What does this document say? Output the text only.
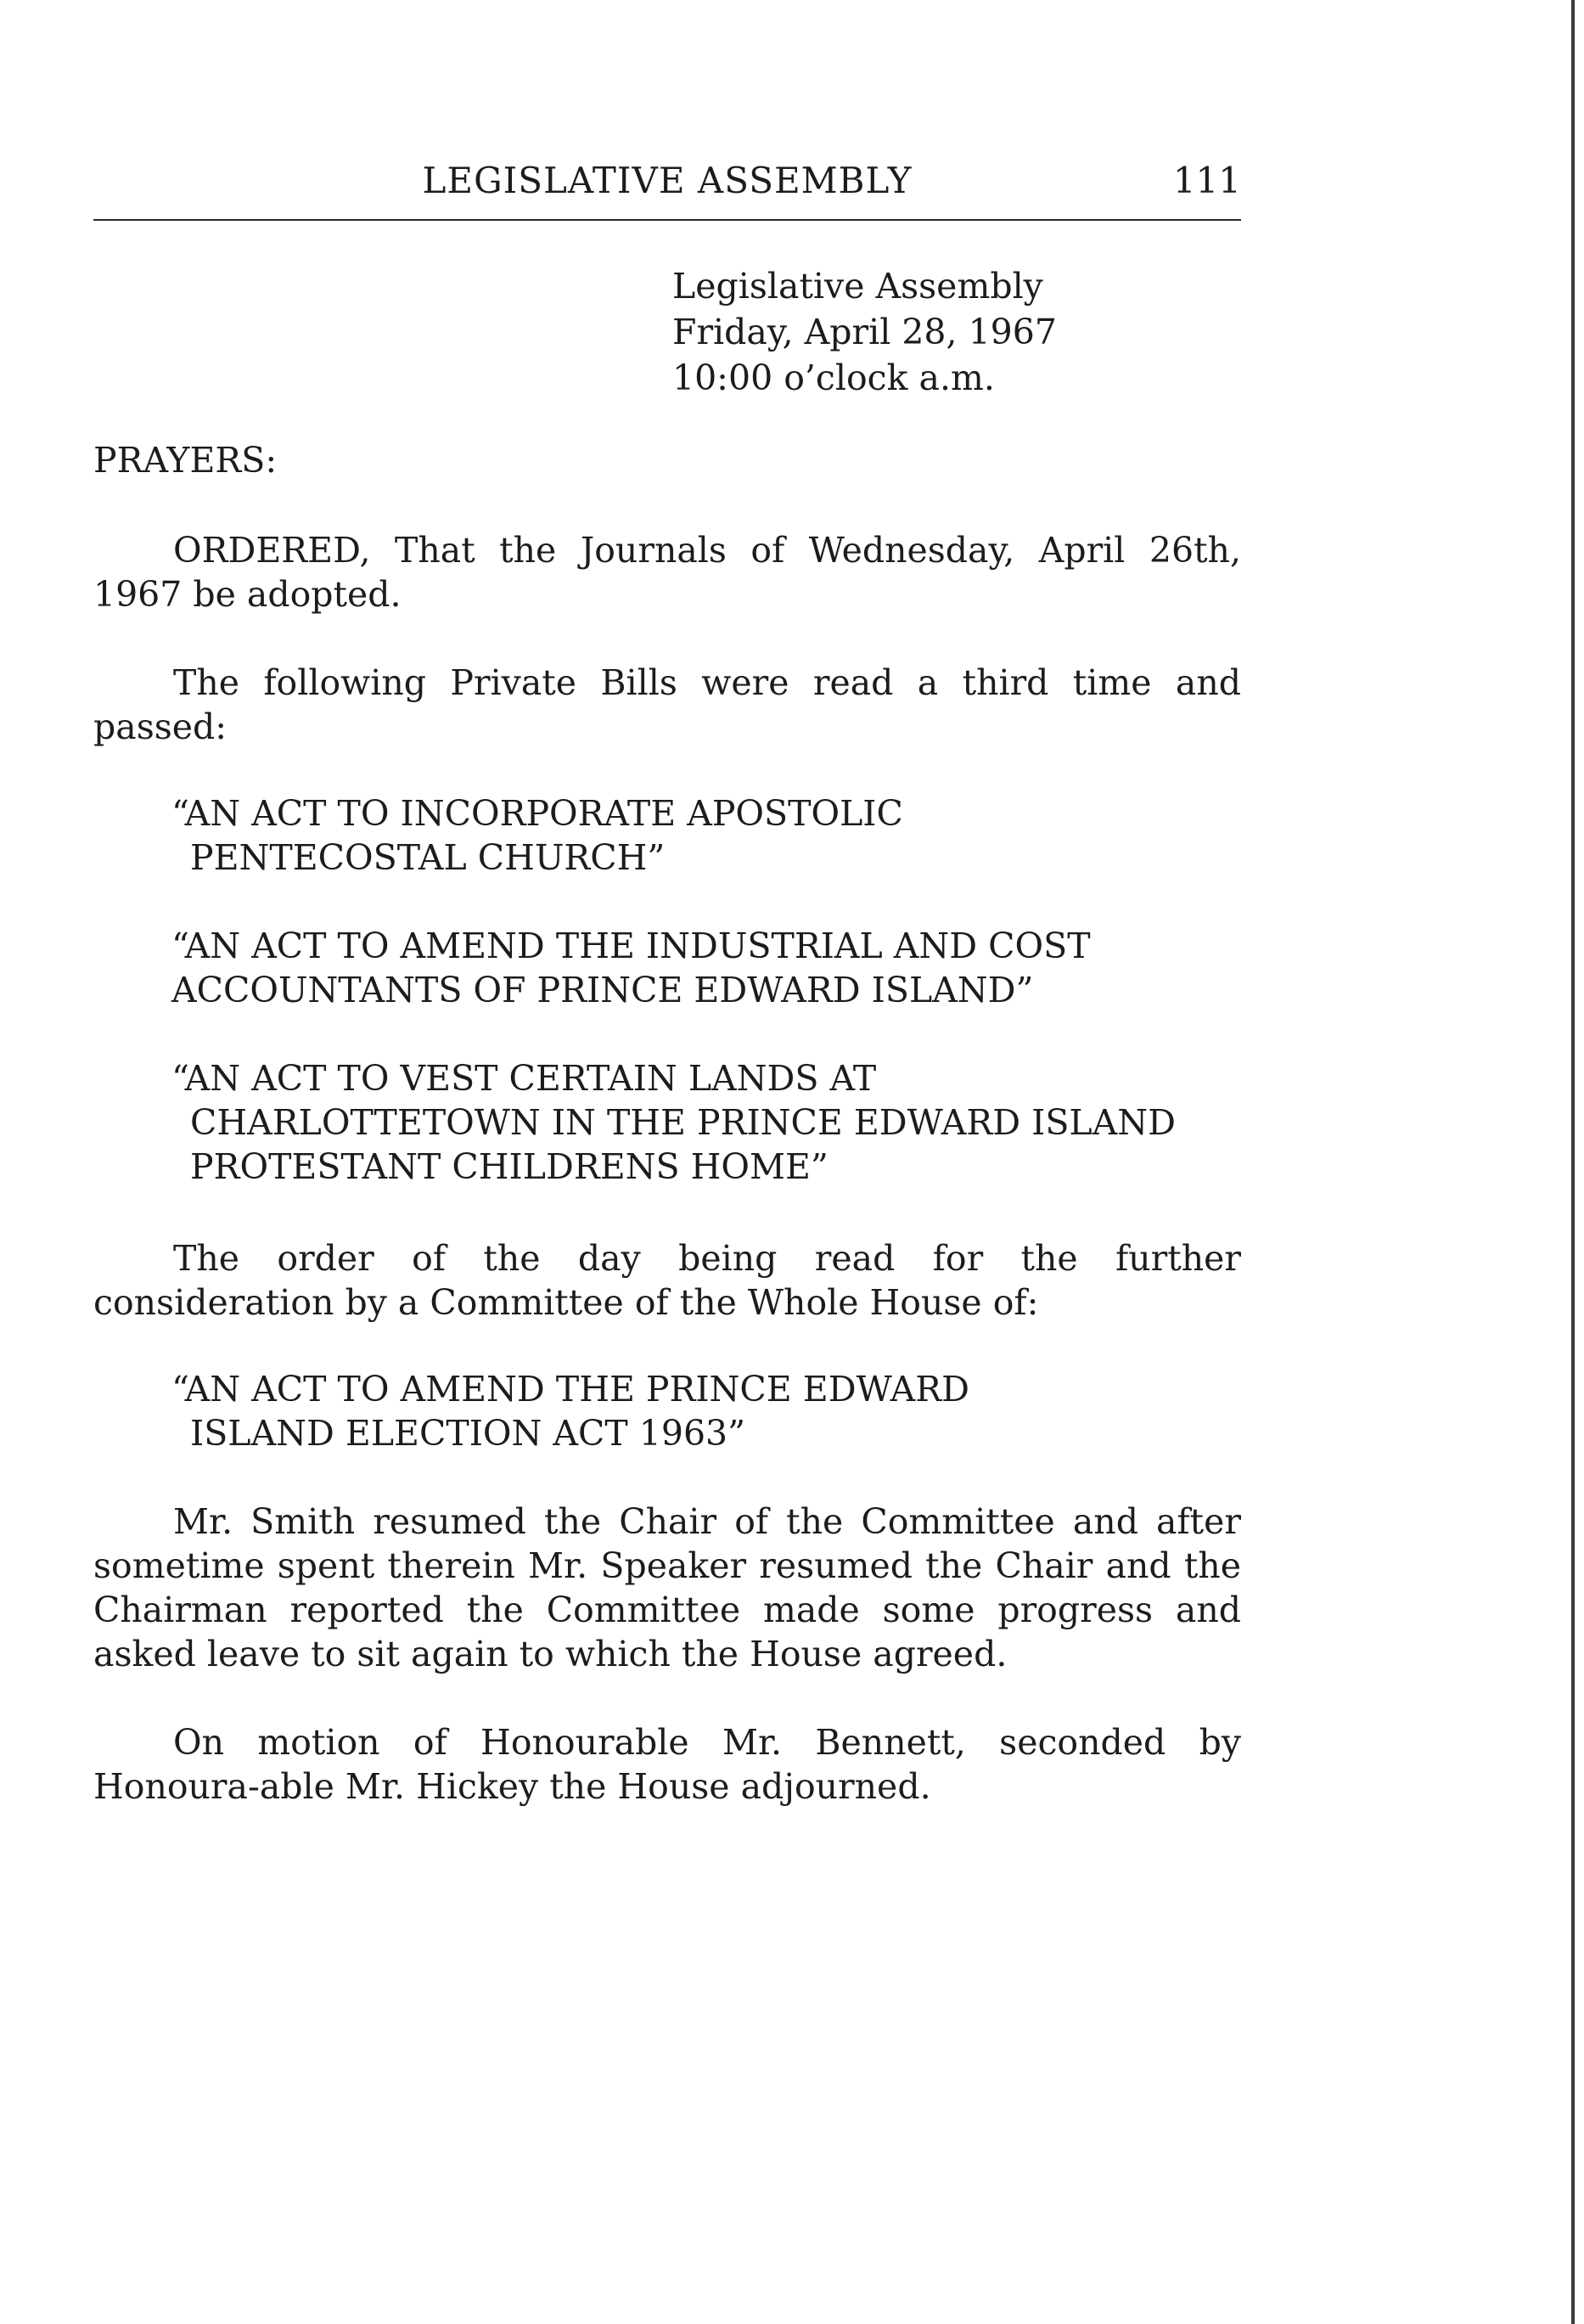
LEGISLATIVE ASSEMBLY	111
Legislative Assembly
Friday, April 28, 1967
10:00 o’clock a.m.

PRAYERS:

ORDERED, That the Journals of Wednesday, April 26th, 1967 be adopted.

The following Private Bills were read a third time and passed:

“AN ACT TO INCORPORATE APOSTOLIC
PENTECOSTAL CHURCH”
“AN ACT TO AMEND THE INDUSTRIAL AND COST
ACCOUNTANTS OF PRINCE EDWARD ISLAND”
“AN ACT TO VEST CERTAIN LANDS AT
CHARLOTTETOWN IN THE PRINCE EDWARD ISLAND
PROTESTANT CHILDRENS HOME”

The order of the day being read for the further consideration by a Committee of the Whole House of:

“AN ACT TO AMEND THE PRINCE EDWARD
ISLAND ELECTION ACT 1963”

Mr. Smith resumed the Chair of the Committee and after sometime spent therein Mr. Speaker resumed the Chair and the Chairman reported the Committee made some progress and asked leave to sit again to which the House agreed.

On motion of Honourable Mr. Bennett, seconded by Honoura-able Mr. Hickey the House adjourned.
